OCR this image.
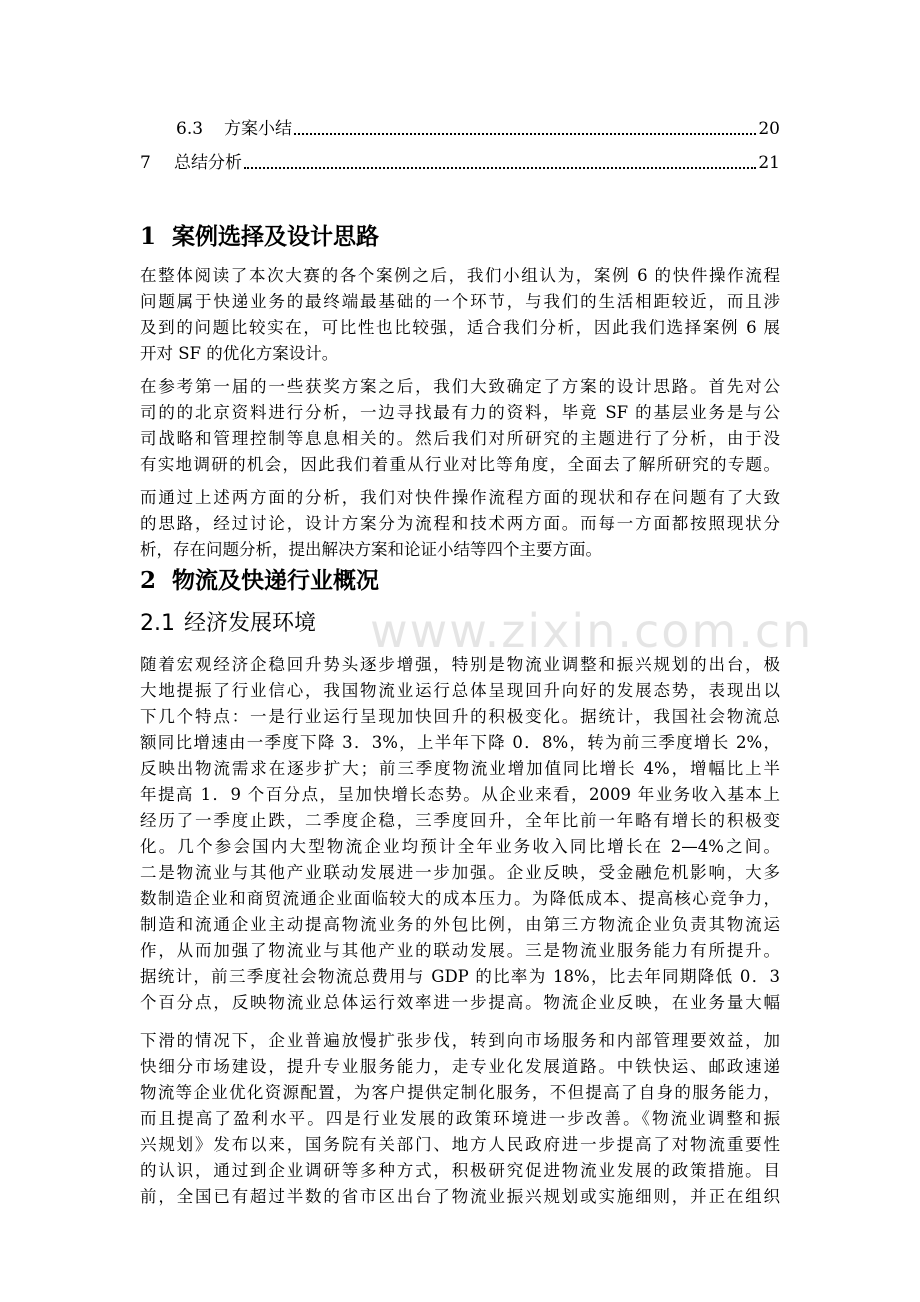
6.3	方案小结	20
7	总结分析	21
1 案例选择及设计思路
在整体阅读了本次大赛的各个案例之后，我们小组认为，案例 6 的快件操作流程
问题属于快递业务的最终端最基础的一个环节，与我们的生活相距较近，而且涉
及到的问题比较实在，可比性也比较强，适合我们分析，因此我们选择案例 6 展
开对 SF 的优化方案设计。
在参考第一届的一些获奖方案之后，我们大致确定了方案的设计思路。首先对公
司的的北京资料进行分析，一边寻找最有力的资料，毕竟 SF 的基层业务是与公
司战略和管理控制等息息相关的。然后我们对所研究的主题进行了分析，由于没
有实地调研的机会，因此我们着重从行业对比等角度，全面去了解所研究的专题。
而通过上述两方面的分析，我们对快件操作流程方面的现状和存在问题有了大致
的思路，经过讨论，设计方案分为流程和技术两方面。而每一方面都按照现状分
析，存在问题分析，提出解决方案和论证小结等四个主要方面。
2 物流及快递行业概况
2.1 经济发展环境 www.zixin.com.cn
随着宏观经济企稳回升势头逐步增强，特别是物流业调整和振兴规划的出台，极
大地提振了行业信心，我国物流业运行总体呈现回升向好的发展态势，表现出以
下几个特点：一是行业运行呈现加快回升的积极变化。据统计，我国社会物流总
额同比增速由一季度下降 3．3%，上半年下降 0．8%，转为前三季度增长 2%，
反映出物流需求在逐步扩大；前三季度物流业增加值同比增长 4%，增幅比上半
年提高 1．9 个百分点，呈加快增长态势。从企业来看，2009 年业务收入基本上
经历了一季度止跌，二季度企稳，三季度回升，全年比前一年略有增长的积极变
化。几个参会国内大型物流企业均预计全年业务收入同比增长在 2—4%之间。
二是物流业与其他产业联动发展进一步加强。企业反映，受金融危机影响，大多
数制造企业和商贸流通企业面临较大的成本压力。为降低成本、提高核心竞争力，
制造和流通企业主动提高物流业务的外包比例，由第三方物流企业负责其物流运
作，从而加强了物流业与其他产业的联动发展。三是物流业服务能力有所提升。
据统计，前三季度社会物流总费用与 GDP 的比率为 18%，比去年同期降低 0．3
个百分点，反映物流业总体运行效率进一步提高。物流企业反映，在业务量大幅
下滑的情况下，企业普遍放慢扩张步伐，转到向市场服务和内部管理要效益，加
快细分市场建设，提升专业服务能力，走专业化发展道路。中铁快运、邮政速递
物流等企业优化资源配置，为客户提供定制化服务，不但提高了自身的服务能力，
而且提高了盈利水平。四是行业发展的政策环境进一步改善。《物流业调整和振
兴规划》发布以来，国务院有关部门、地方人民政府进一步提高了对物流重要性
的认识，通过到企业调研等多种方式，积极研究促进物流业发展的政策措施。目
前，全国已有超过半数的省市区出台了物流业振兴规划或实施细则，并正在组织
